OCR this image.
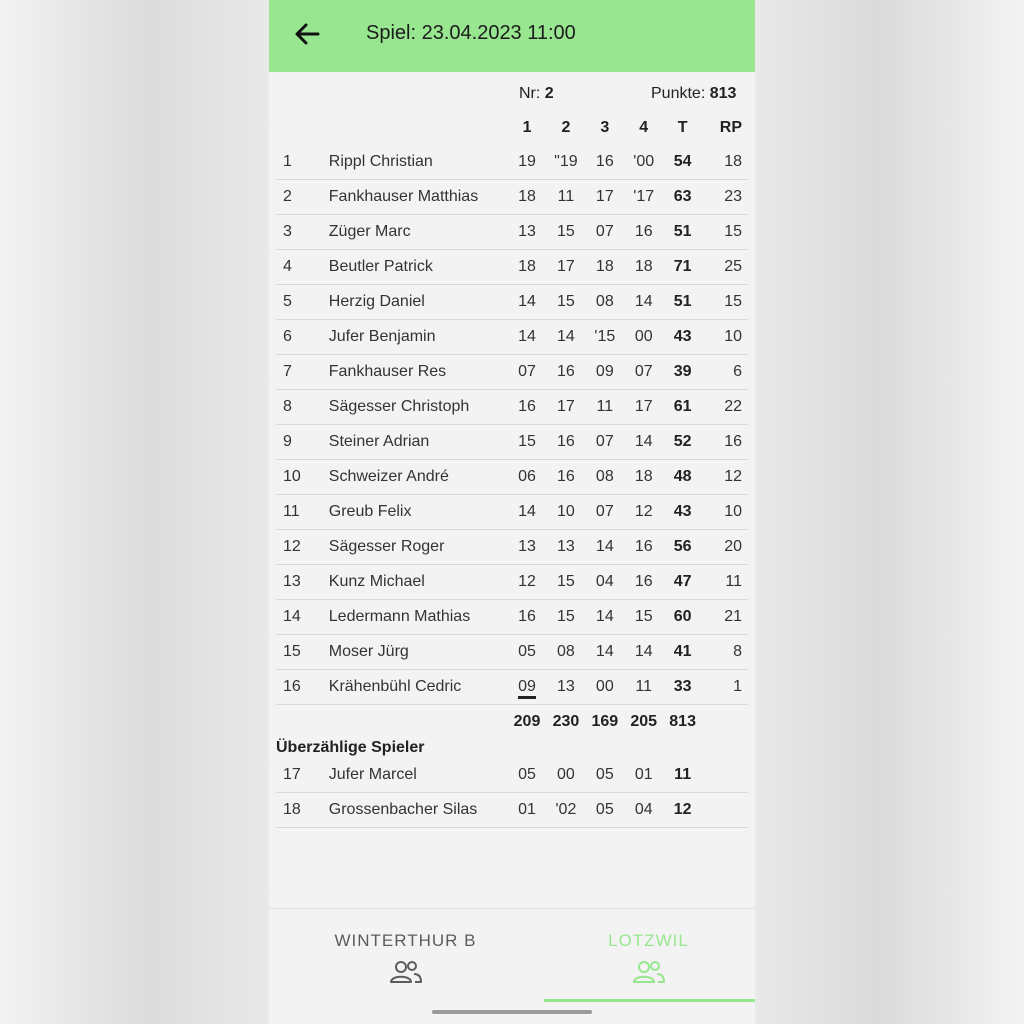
Spiel: 23.04.2023 11:00
Nr: 2	Punkte: 813
		1	2	3	4	T	RP
1	Rippl Christian	19	"19	16	'00	54	18
2	Fankhauser Matthias	18	11	17	'17	63	23
3	Züger Marc	13	15	07	16	51	15
4	Beutler Patrick	18	17	18	18	71	25
5	Herzig Daniel	14	15	08	14	51	15
6	Jufer Benjamin	14	14	'15	00	43	10
7	Fankhauser Res	07	16	09	07	39	6
8	Sägesser Christoph	16	17	11	17	61	22
9	Steiner Adrian	15	16	07	14	52	16
10	Schweizer André	06	16	08	18	48	12
11	Greub Felix	14	10	07	12	43	10
12	Sägesser Roger	13	13	14	16	56	20
13	Kunz Michael	12	15	04	16	47	11
14	Ledermann Mathias	16	15	14	15	60	21
15	Moser Jürg	05	08	14	14	41	8
16	Krähenbühl Cedric	09	13	00	11	33	1
		209	230	169	205	813	
Überzählige Spieler							
17	Jufer Marcel	05	00	05	01	11	
18	Grossenbacher Silas	01	'02	05	04	12	
WINTERTHUR B	LOTZWIL
